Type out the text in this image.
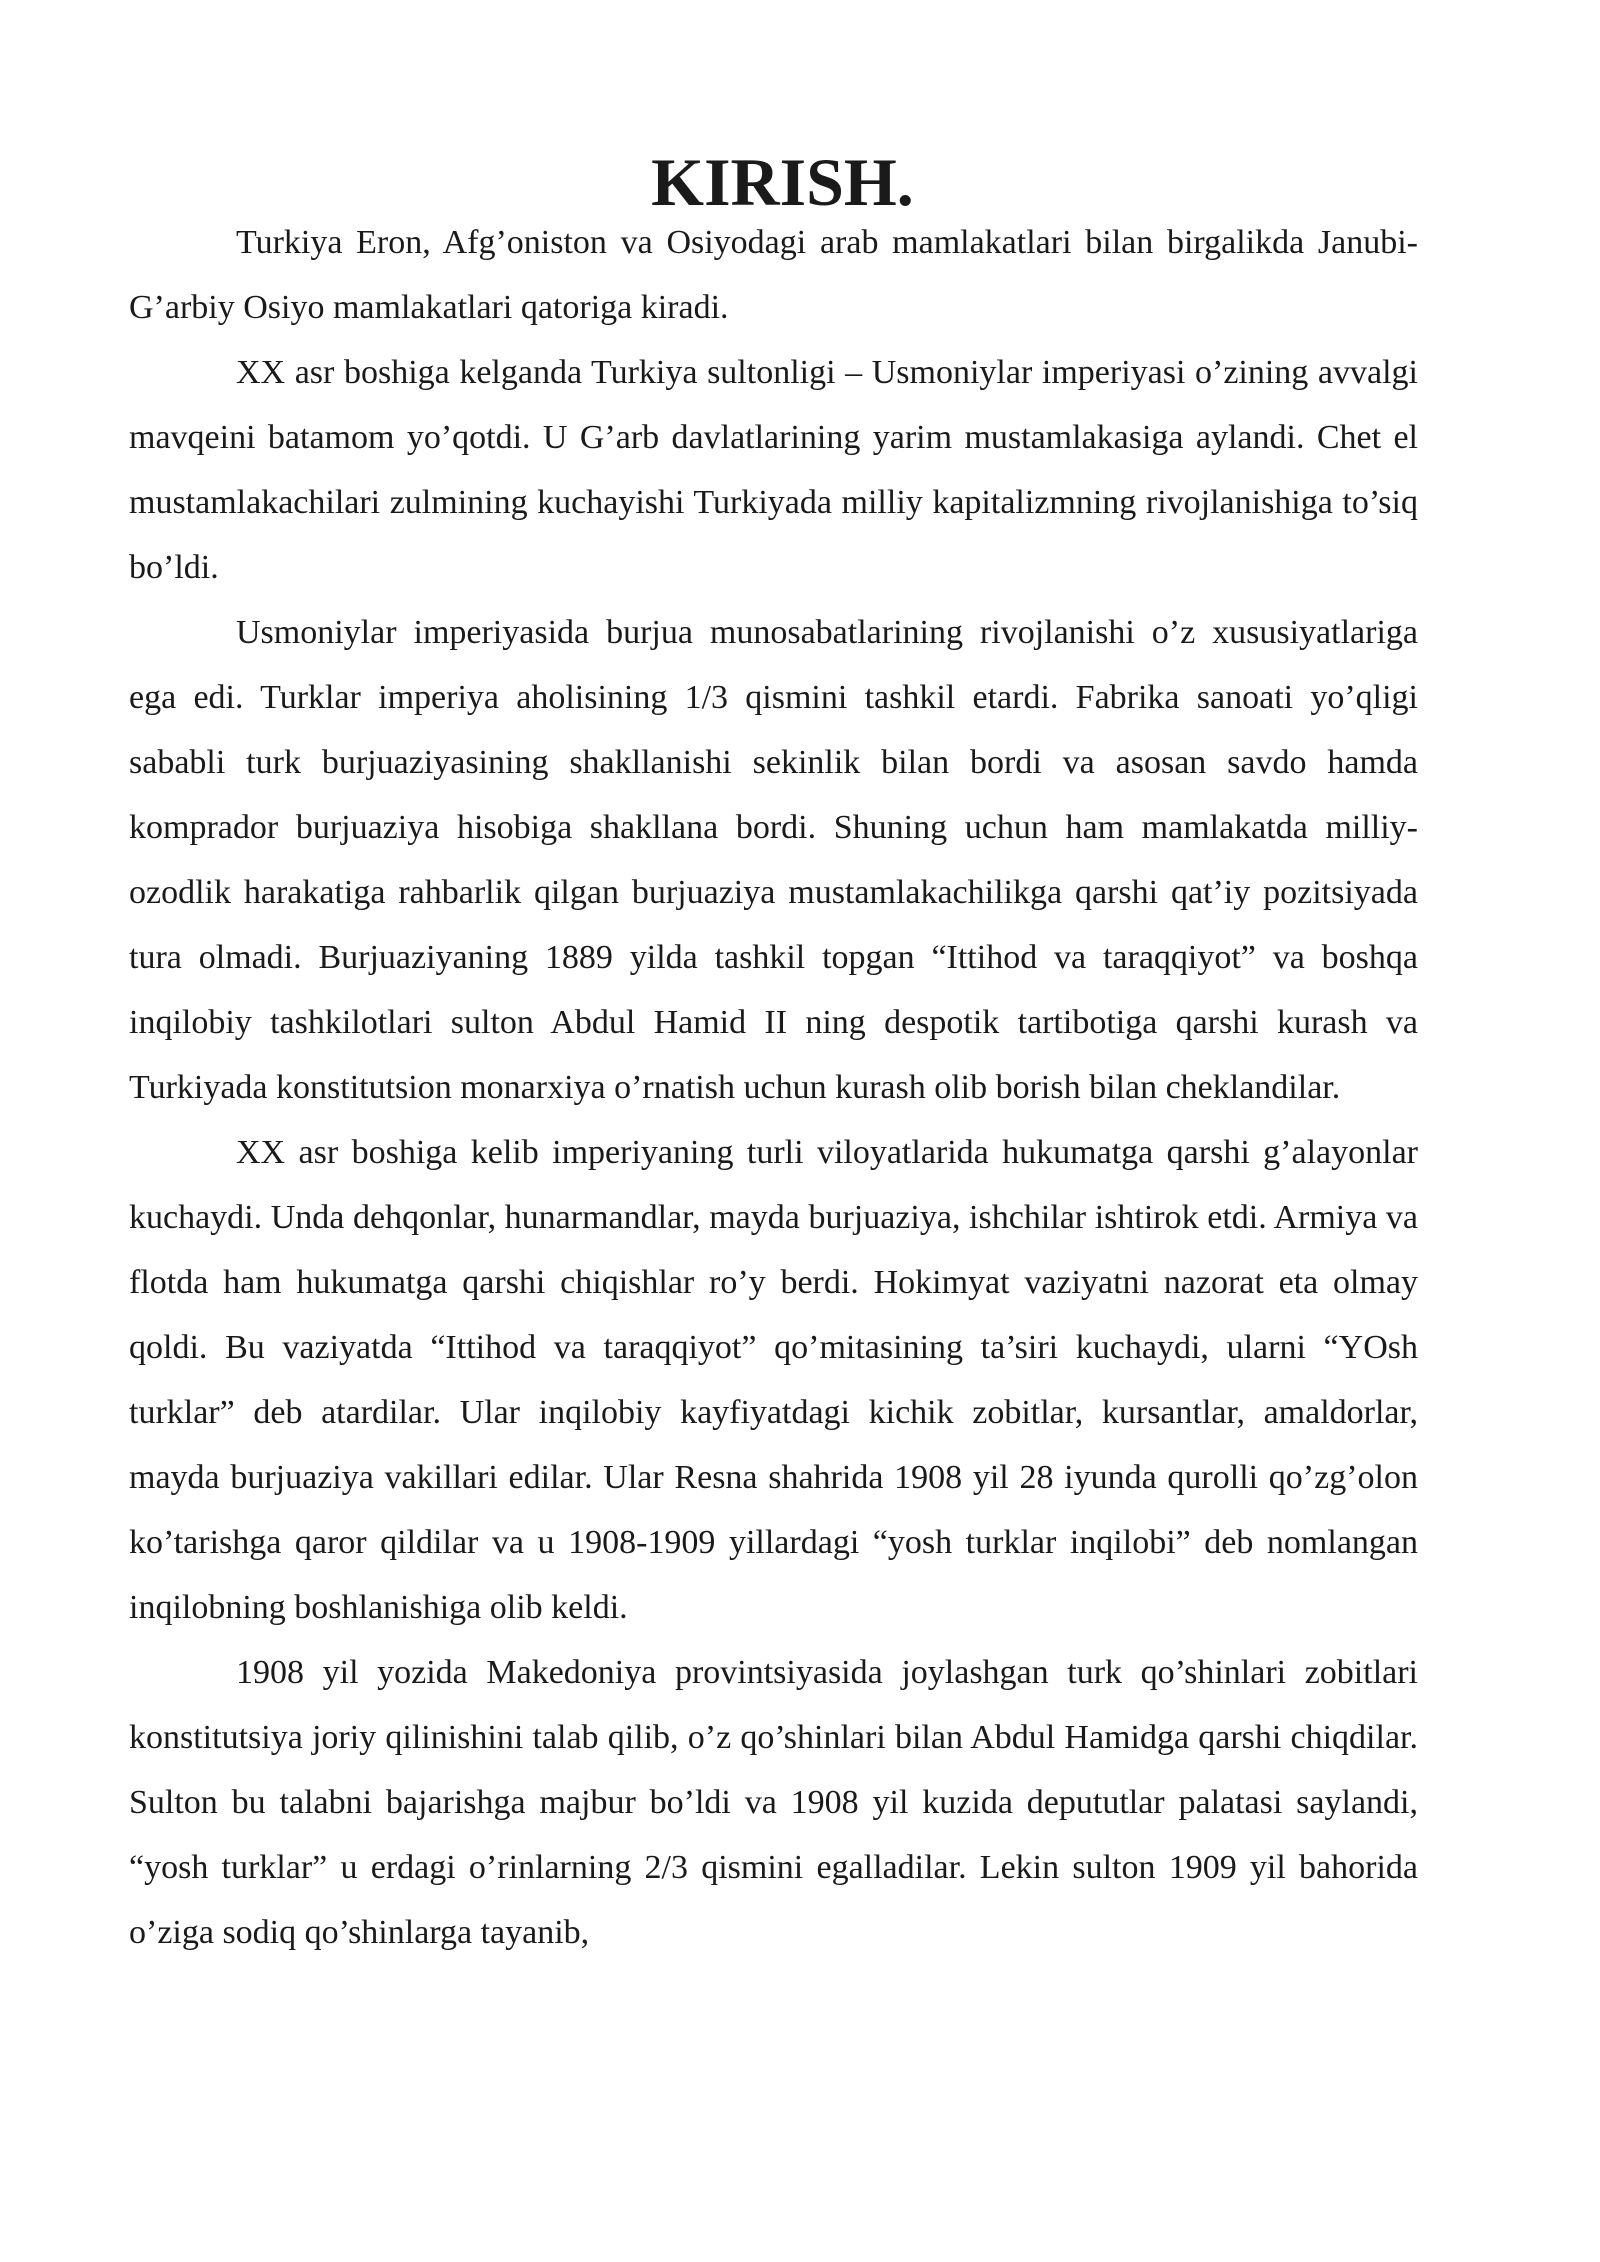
KIRISH.

Turkiya Eron, Afg’oniston va Osiyodagi arab mamlakatlari bilan birgalikda Janubi-G’arbiy Osiyo mamlakatlari qatoriga kiradi.

XX asr boshiga kelganda Turkiya sultonligi – Usmoniylar imperiyasi o’zining avvalgi mavqeini batamom yo’qotdi. U G’arb davlatlarining yarim mustamlakasiga aylandi. Chet el mustamlakachilari zulmining kuchayishi Turkiyada milliy kapitalizmning rivojlanishiga to’siq bo’ldi.

Usmoniylar imperiyasida burjua munosabatlarining rivojlanishi o’z xususiyatlariga ega edi. Turklar imperiya aholisining 1/3 qismini tashkil etardi. Fabrika sanoati yo’qligi sababli turk burjuaziyasining shakllanishi sekinlik bilan bordi va asosan savdo hamda komprador burjuaziya hisobiga shakllana bordi. Shuning uchun ham mamlakatda milliy-ozodlik harakatiga rahbarlik qilgan burjuaziya mustamlakachilikga qarshi qat’iy pozitsiyada tura olmadi. Burjuaziyaning 1889 yilda tashkil topgan “Ittihod va taraqqiyot” va boshqa inqilobiy tashkilotlari sulton Abdul Hamid II ning despotik tartibotiga qarshi kurash va Turkiyada konstitutsion monarxiya o’rnatish uchun kurash olib borish bilan cheklandilar.

XX asr boshiga kelib imperiyaning turli viloyatlarida hukumatga qarshi g’alayonlar kuchaydi. Unda dehqonlar, hunarmandlar, mayda burjuaziya, ishchilar ishtirok etdi. Armiya va flotda ham hukumatga qarshi chiqishlar ro’y berdi. Hokimyat vaziyatni nazorat eta olmay qoldi. Bu vaziyatda “Ittihod va taraqqiyot” qo’mitasining ta’siri kuchaydi, ularni “YOsh turklar” deb atardilar. Ular inqilobiy kayfiyatdagi kichik zobitlar, kursantlar, amaldorlar, mayda burjuaziya vakillari edilar. Ular Resna shahrida 1908 yil 28 iyunda qurolli qo’zg’olon ko’tarishga qaror qildilar va u 1908-1909 yillardagi “yosh turklar inqilobi” deb nomlangan inqilobning boshlanishiga olib keldi.

1908 yil yozida Makedoniya provintsiyasida joylashgan turk qo’shinlari zobitlari konstitutsiya joriy qilinishini talab qilib, o’z qo’shinlari bilan Abdul Hamidga qarshi chiqdilar. Sulton bu talabni bajarishga majbur bo’ldi va 1908 yil kuzida depututlar palatasi saylandi, “yosh turklar” u erdagi o’rinlarning 2/3 qismini egalladilar. Lekin sulton 1909 yil bahorida o’ziga sodiq qo’shinlarga tayanib,
